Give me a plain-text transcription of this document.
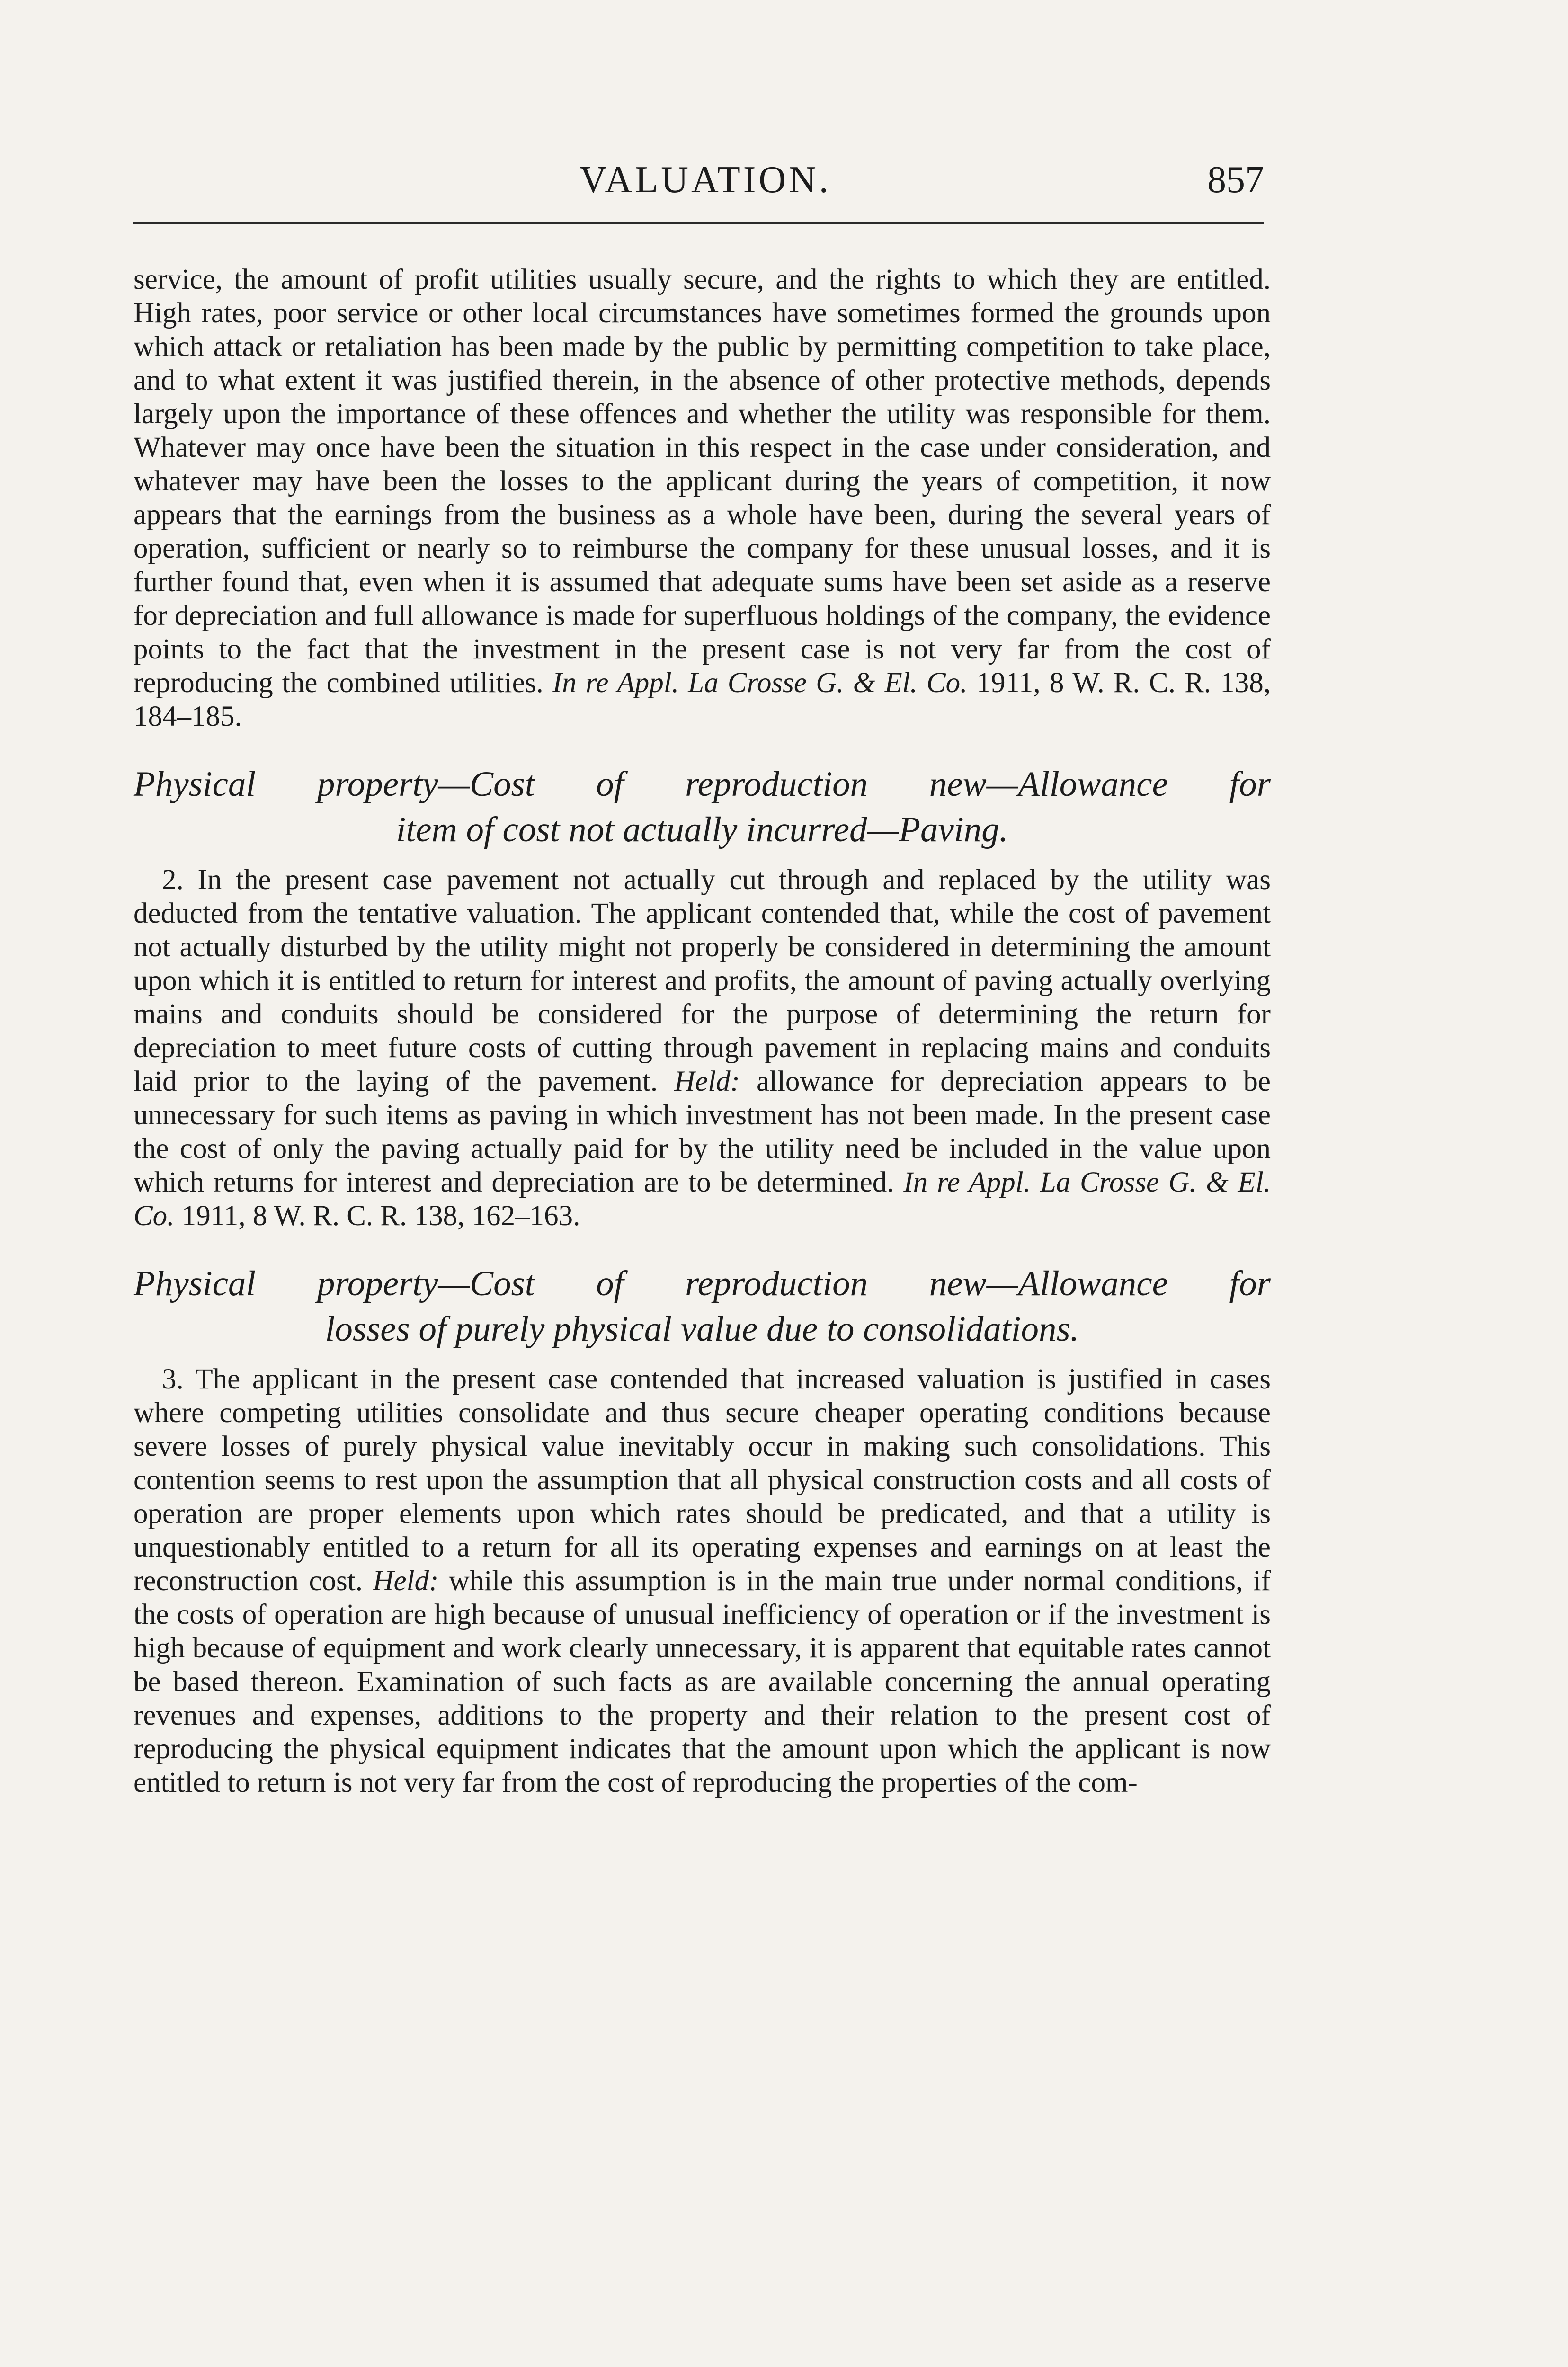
VALUATION.	857

service, the amount of profit utilities usually secure, and the rights to which they are entitled. High rates, poor service or other local circumstances have sometimes formed the grounds upon which attack or retaliation has been made by the public by permitting competition to take place, and to what extent it was justified therein, in the absence of other protective methods, depends largely upon the importance of these offences and whether the utility was responsible for them. Whatever may once have been the situation in this respect in the case under consideration, and whatever may have been the losses to the applicant during the years of competition, it now appears that the earnings from the business as a whole have been, during the several years of operation, sufficient or nearly so to reimburse the company for these unusual losses, and it is further found that, even when it is assumed that adequate sums have been set aside as a reserve for depreciation and full allowance is made for superfluous holdings of the company, the evidence points to the fact that the investment in the present case is not very far from the cost of reproducing the combined utilities. In re Appl. La Crosse G. & El. Co. 1911, 8 W. R. C. R. 138, 184–185.

Physical property—Cost of reproduction new—Allowance for
item of cost not actually incurred—Paving.

2. In the present case pavement not actually cut through and replaced by the utility was deducted from the tentative valuation. The applicant contended that, while the cost of pavement not actually disturbed by the utility might not properly be considered in determining the amount upon which it is entitled to return for interest and profits, the amount of paving actually overlying mains and conduits should be considered for the purpose of determining the return for depreciation to meet future costs of cutting through pavement in replacing mains and conduits laid prior to the laying of the pavement. Held: allowance for depreciation appears to be unnecessary for such items as paving in which investment has not been made. In the present case the cost of only the paving actually paid for by the utility need be included in the value upon which returns for interest and depreciation are to be determined. In re Appl. La Crosse G. & El. Co. 1911, 8 W. R. C. R. 138, 162–163.

Physical property—Cost of reproduction new—Allowance for
losses of purely physical value due to consolidations.

3. The applicant in the present case contended that increased valuation is justified in cases where competing utilities consolidate and thus secure cheaper operating conditions because severe losses of purely physical value inevitably occur in making such consolidations. This contention seems to rest upon the assumption that all physical construction costs and all costs of operation are proper elements upon which rates should be predicated, and that a utility is unquestionably entitled to a return for all its operating expenses and earnings on at least the reconstruction cost. Held: while this assumption is in the main true under normal conditions, if the costs of operation are high because of unusual inefficiency of operation or if the investment is high because of equipment and work clearly unnecessary, it is apparent that equitable rates cannot be based thereon. Examination of such facts as are available concerning the annual operating revenues and expenses, additions to the property and their relation to the present cost of reproducing the physical equipment indicates that the amount upon which the applicant is now entitled to return is not very far from the cost of reproducing the properties of the com-
